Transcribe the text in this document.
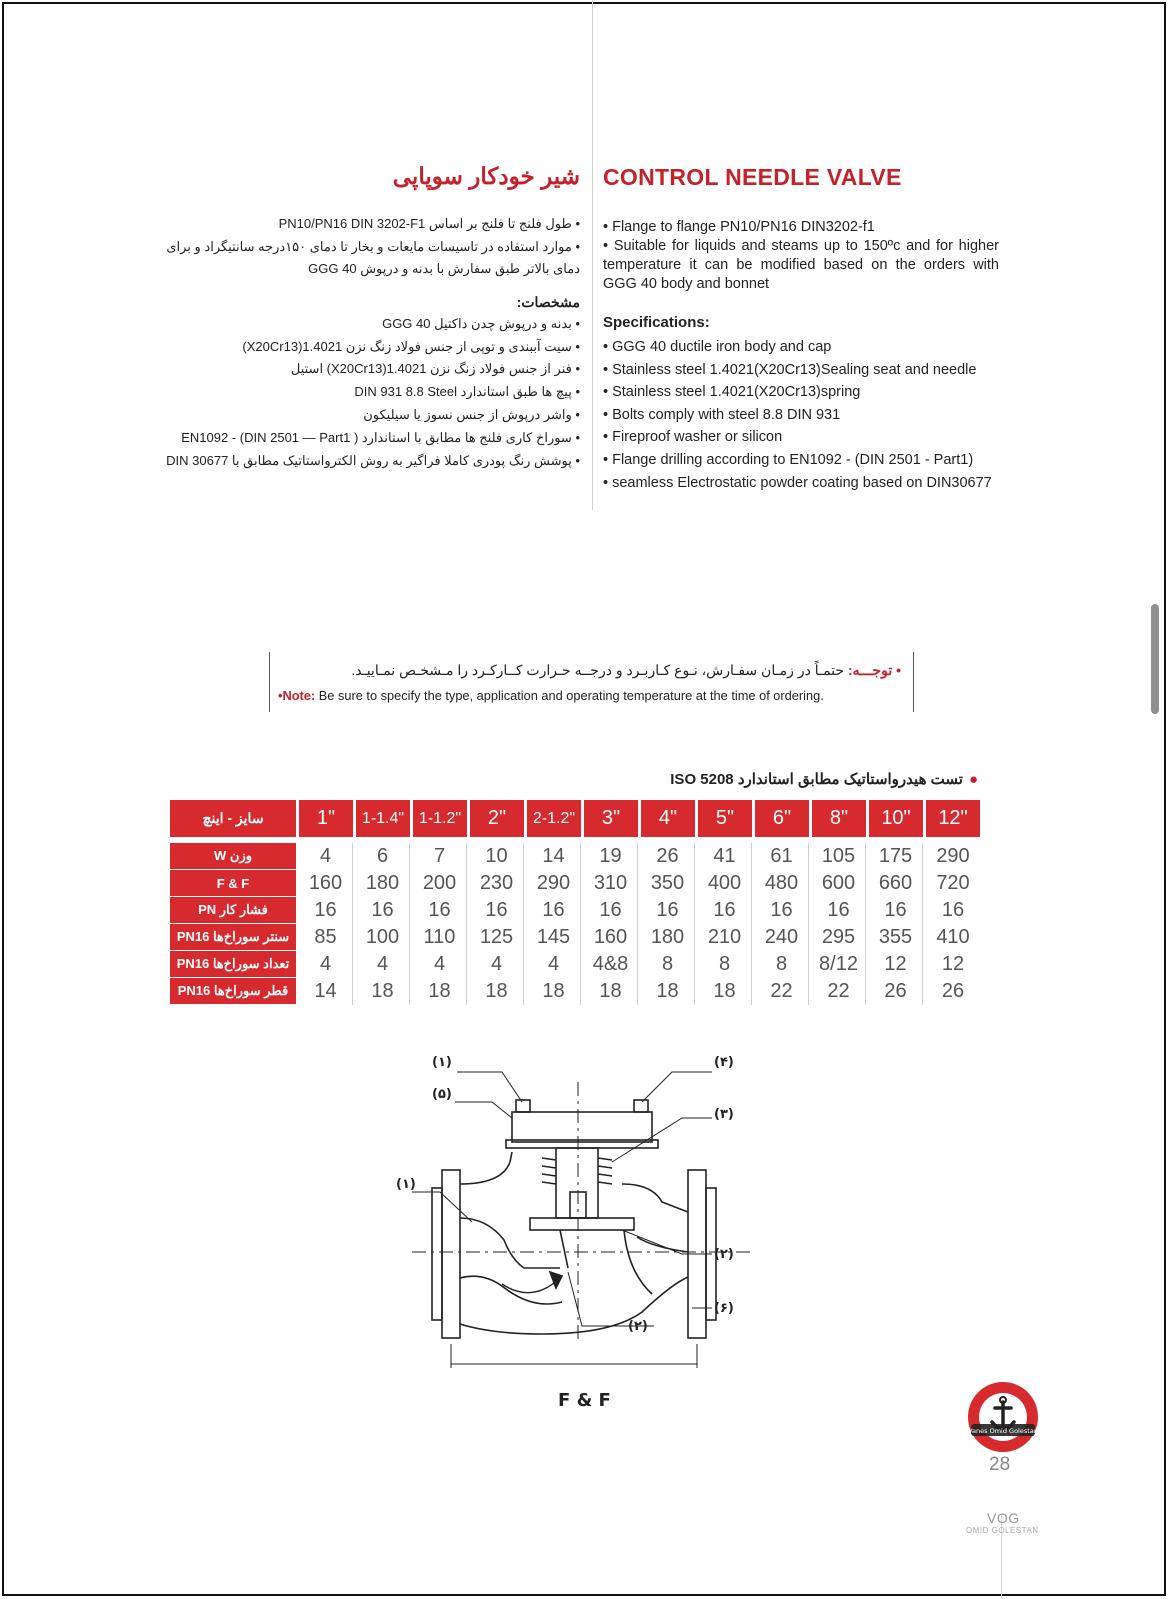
CONTROL NEEDLE VALVE
شیر خودکار سوپاپی
• Flange to flange PN10/PN16 DIN3202-f1
• Suitable for liquids and steams up to 150ºc and for higher temperature it can be modified based on the orders with GGG 40 body and bonnet
Specifications:
• GGG 40 ductile iron body and cap
• Stainless steel 1.4021(X20Cr13)Sealing seat and needle
• Stainless steel 1.4021(X20Cr13)spring
• Bolts comply with steel 8.8 DIN 931
• Fireproof washer or silicon
• Flange drilling according to EN1092 - (DIN 2501 - Part1)
• seamless Electrostatic powder coating based on DIN30677
• طول فلنج تا فلنج بر اساس PN10/PN16 DIN 3202-F1
• موارد استفاده در تاسیسات مایعات و بخار تا دمای ۱۵۰درجه سانتیگراد و برای دمای بالاتر طبق سفارش با بدنه و درپوش GGG 40
مشخصات:
• بدنه و درپوش چدن داکتیل GGG 40
• سیت آببندی و توپی از جنس فولاد زنگ نزن 1.4021(X20Cr13)
• فنر از جنس فولاد زنگ نزن 1.4021(X20Cr13) استیل
• پیچ ها طبق استاندارد DIN 931 8.8 Steel
• واشر درپوش از جنس نسوز یا سیلیکون
• سوراخ کاری فلنج ها مطابق با استاندارد ( EN1092 - (DIN 2501 — Part1
• پوشش رنگ پودری کاملا فراگیر به روش الکترواستاتیک مطابق با DIN 30677
• توجـــه: حتمـاً در زمـان سفـارش، نـوع کـاربـرد و درجــه حـرارت کــارکـرد را مـشخـص نمـاییـد.
•Note: Be sure to specify the type, application and operating temperature at the time of ordering.
●تست هیدرواستاتیک مطابق استاندارد ISO 5208
سایز - اینچ	1"	1-1.4"	1-1.2"	2"	2-1.2"	3"	4"	5"	6"	8"	10"	12"

وزن W	4	6	7	10	14	19	26	41	61	105	175	290
F & F	160	180	200	230	290	310	350	400	480	600	660	720
فشار کار PN	16	16	16	16	16	16	16	16	16	16	16	16
سنتر سوراخ‌ها PN16	85	100	110	125	145	160	180	210	240	295	355	410
تعداد سوراخ‌ها PN16	4	4	4	4	4	4&8	8	8	8	8/12	12	12
قطر سوراخ‌ها PN16	14	18	18	18	18	18	18	18	22	22	26	26
(۱)	(۴)
(۵)
(۳)
(۱)
(۲)
(۶)
(۲)
F & F
Vanes Omid Golestan
28
VOG
OMID GOLESTAN
